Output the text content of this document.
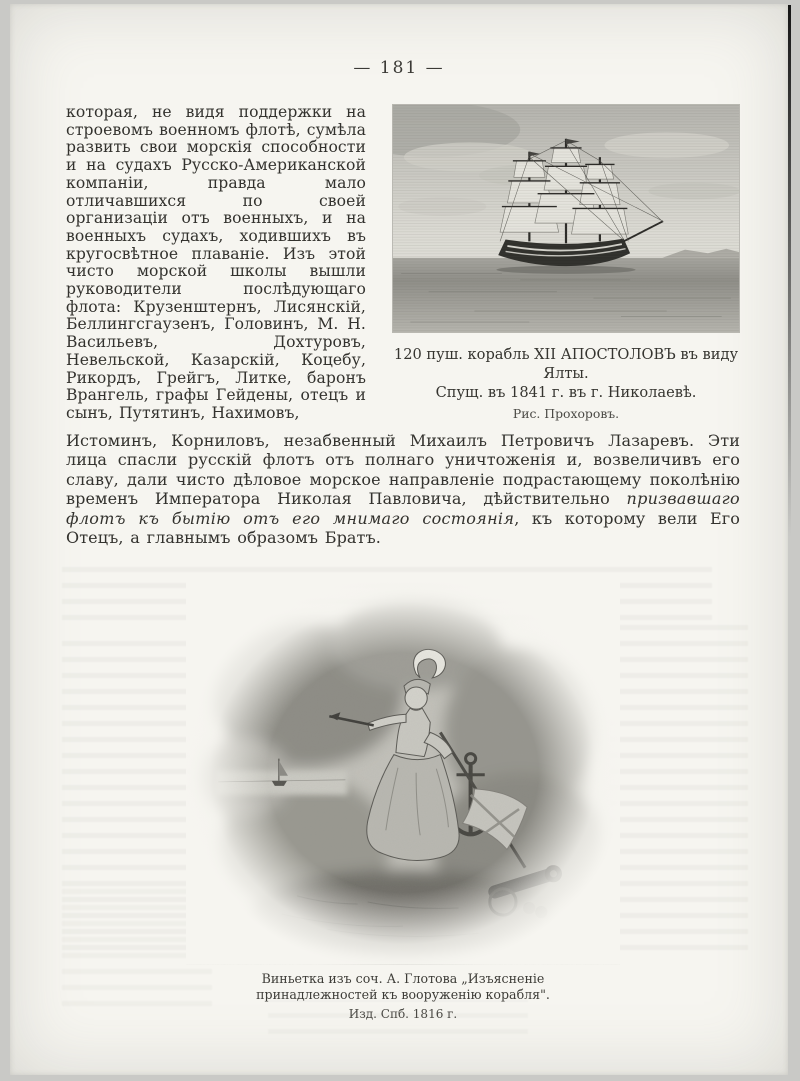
— 181 —
которая, не видя поддержки на строевомъ военномъ флотѣ, сумѣла развить свои морскія способности и на судахъ Русско-Американской компаніи, правда мало отличавшихся по своей организаціи отъ военныхъ, и на военныхъ судахъ, ходившихъ въ кругосвѣтное плаваніе. Изъ этой чисто морской школы вышли руководители послѣдующаго флота: Крузенштернъ, Лисянскій, Беллингсгаузенъ, Головинъ, М. Н. Васильевъ, Дохтуровъ, Невельской, Казарскій, Коцебу, Рикордъ, Грейгъ, Литке, баронъ Врангель, графы Гейдены, отецъ и сынъ, Путятинъ, Нахимовъ,
120 пуш. корабль XII АПОСТОЛОВЪ въ виду Ялты.
Спущ. въ 1841 г. въ г. Николаевѣ.
Рис. Прохоровъ.

Истоминъ, Корниловъ, незабвенный Михаилъ Петровичъ Лазаревъ. Эти лица спасли русскій флотъ отъ полнаго уничтоженія и, возвеличивъ его славу, дали чисто дѣловое морское направленіе подрастающему поколѣнію временъ Императора Николая Павловича, дѣйствительно призвавшаго флотъ къ бытію отъ его мнимаго состоянія, къ которому вели Его Отецъ, а главнымъ образомъ Братъ.

Виньетка изъ соч. А. Глотова „Изъясненіе
принадлежностей къ вооруженію корабля".
Изд. Спб. 1816 г.
